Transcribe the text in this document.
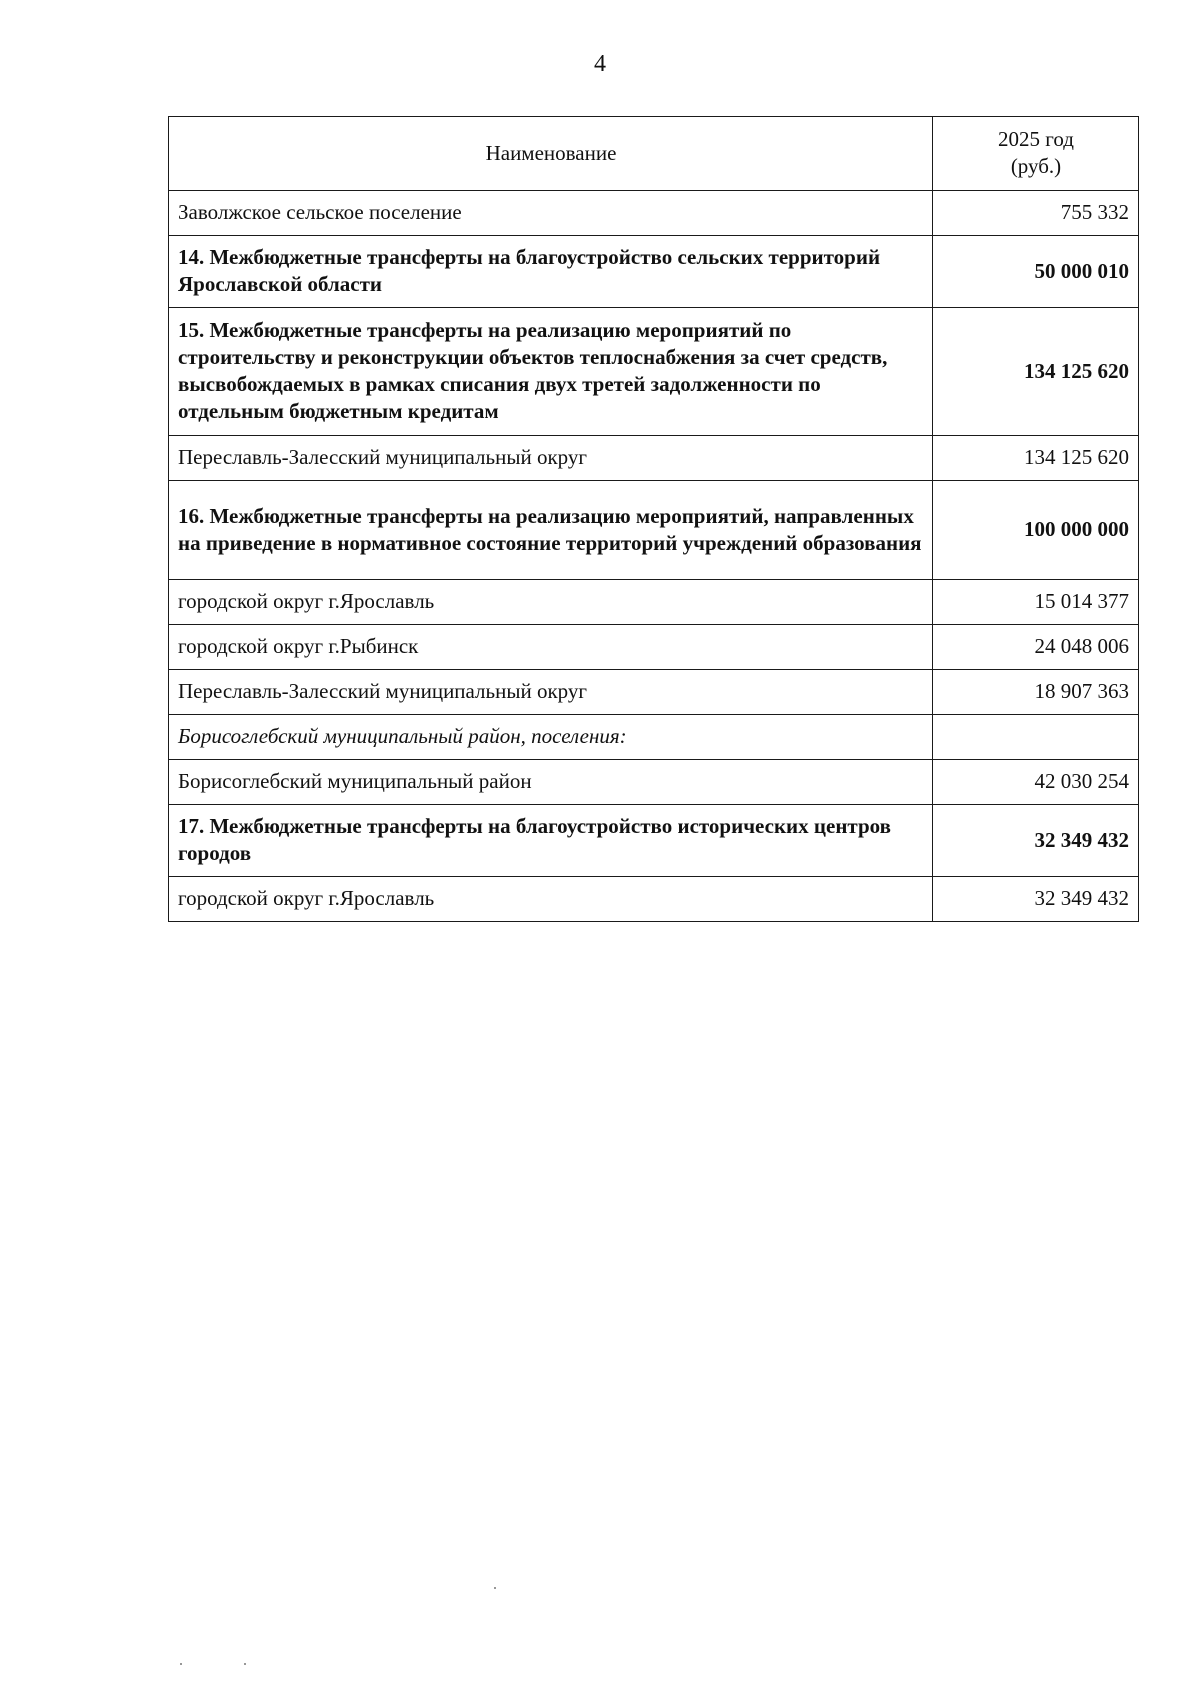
4
Наименование	2025 год
(руб.)

Заволжское сельское поселение	755 332
14. Межбюджетные трансферты на благоустройство сельских территорий Ярославской области	50 000 010
15. Межбюджетные трансферты на реализацию мероприятий по строительству и реконструкции объектов теплоснабжения за счет средств, высвобождаемых в рамках списания двух третей задолженности по отдельным бюджетным кредитам	134 125 620
Переславль-Залесский муниципальный округ	134 125 620
16. Межбюджетные трансферты на реализацию мероприятий, направленных на приведение в нормативное состояние территорий учреждений образования	100 000 000
городской округ г.Ярославль	15 014 377
городской округ г.Рыбинск	24 048 006
Переславль-Залесский муниципальный округ	18 907 363
Борисоглебский муниципальный район, поселения:	
Борисоглебский муниципальный район	42 030 254
17. Межбюджетные трансферты на благоустройство исторических центров городов	32 349 432
городской округ г.Ярославль	32 349 432
